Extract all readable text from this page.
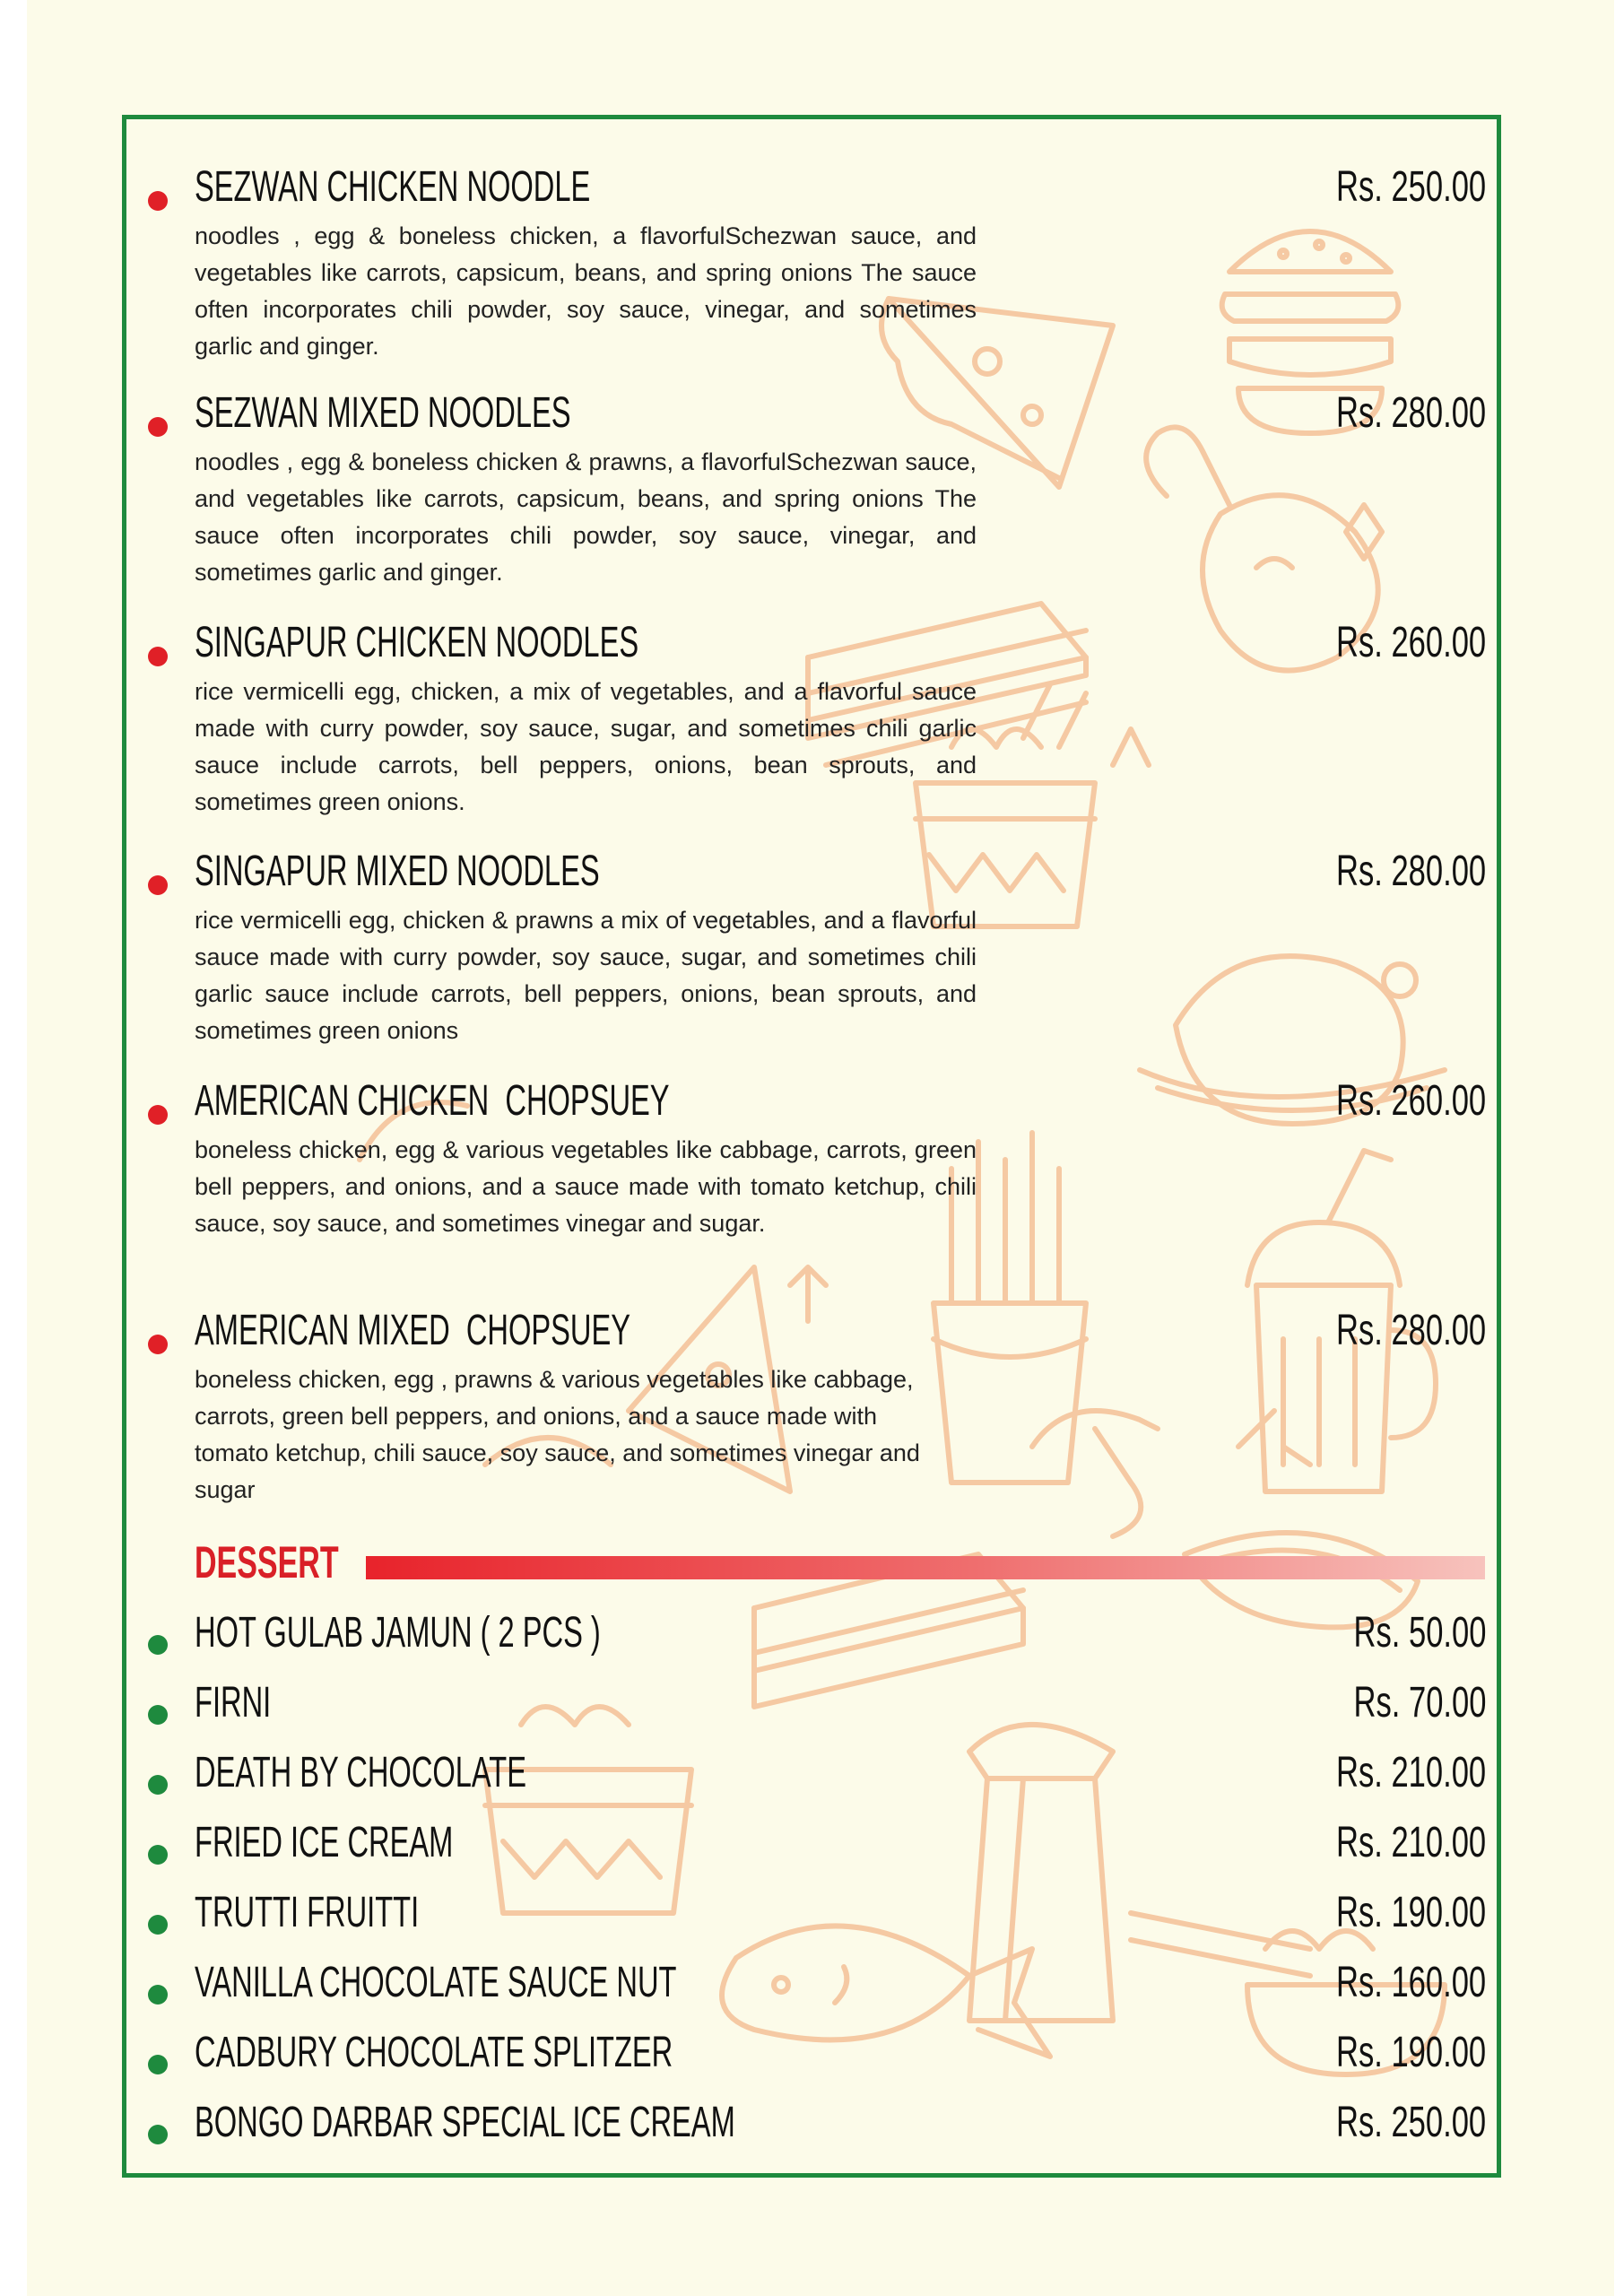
SEZWAN CHICKEN NOODLE	Rs. 250.00
noodles , egg & boneless chicken, a flavorfulSchezwan sauce, and vegetables like carrots, capsicum, beans, and spring onions The sauce often incorporates chili powder, soy sauce, vinegar, and sometimes garlic and ginger.
SEZWAN MIXED NOODLES	Rs. 280.00
noodles , egg & boneless chicken & prawns, a flavorfulSchezwan sauce, and vegetables like carrots, capsicum, beans, and spring onions The sauce often incorporates chili powder, soy sauce, vinegar, and sometimes garlic and ginger.
SINGAPUR CHICKEN NOODLES	Rs. 260.00
rice vermicelli egg, chicken, a mix of vegetables, and a flavorful sauce made with curry powder, soy sauce, sugar, and sometimes chili garlic sauce include carrots, bell peppers, onions, bean sprouts, and sometimes green onions.
SINGAPUR MIXED NOODLES	Rs. 280.00
rice vermicelli egg, chicken & prawns a mix of vegetables, and a flavorful sauce made with curry powder, soy sauce, sugar, and sometimes chili garlic sauce include carrots, bell peppers, onions, bean sprouts, and sometimes green onions
AMERICAN CHICKEN  CHOPSUEY	Rs. 260.00
boneless chicken, egg & various vegetables like cabbage, carrots, green bell peppers, and onions, and a sauce made with tomato ketchup, chili sauce, soy sauce, and sometimes vinegar and sugar.
AMERICAN MIXED  CHOPSUEY	Rs. 280.00
boneless chicken, egg , prawns & various vegetables like cabbage, carrots, green bell peppers, and onions, and a sauce made with tomato ketchup, chili sauce, soy sauce, and sometimes vinegar and sugar
DESSERT
HOT GULAB JAMUN ( 2 PCS )	Rs. 50.00
FIRNI	Rs. 70.00
DEATH BY CHOCOLATE	Rs. 210.00
FRIED ICE CREAM	Rs. 210.00
TRUTTI FRUITTI	Rs. 190.00
VANILLA CHOCOLATE SAUCE NUT	Rs. 160.00
CADBURY CHOCOLATE SPLITZER	Rs. 190.00
BONGO DARBAR SPECIAL ICE CREAM	Rs. 250.00
